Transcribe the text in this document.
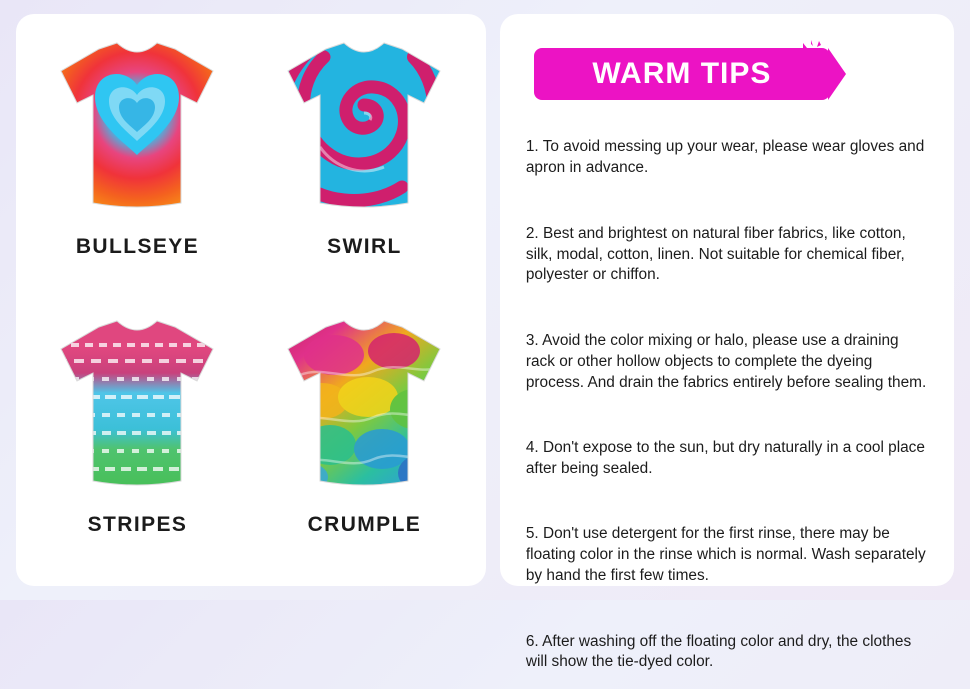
BULLSEYE	SWIRL
STRIPES	CRUMPLE
WARM TIPS

1. To avoid messing up your wear, please wear gloves and apron in advance.

2. Best and brightest on natural fiber fabrics, like cotton, silk, modal, cotton, linen. Not suitable for chemical fiber, polyester or chiffon.

3. Avoid the color mixing or halo, please use a draining rack or other hollow objects to complete the dyeing process. And drain the fabrics entirely before sealing them.

4. Don't expose to the sun, but dry naturally in a cool place after being sealed.

5. Don't use detergent for the first rinse, there may be floating color in the rinse which is normal. Wash separately by hand the first few times.

6. After washing off the floating color and dry, the clothes will show the tie-dyed color.
